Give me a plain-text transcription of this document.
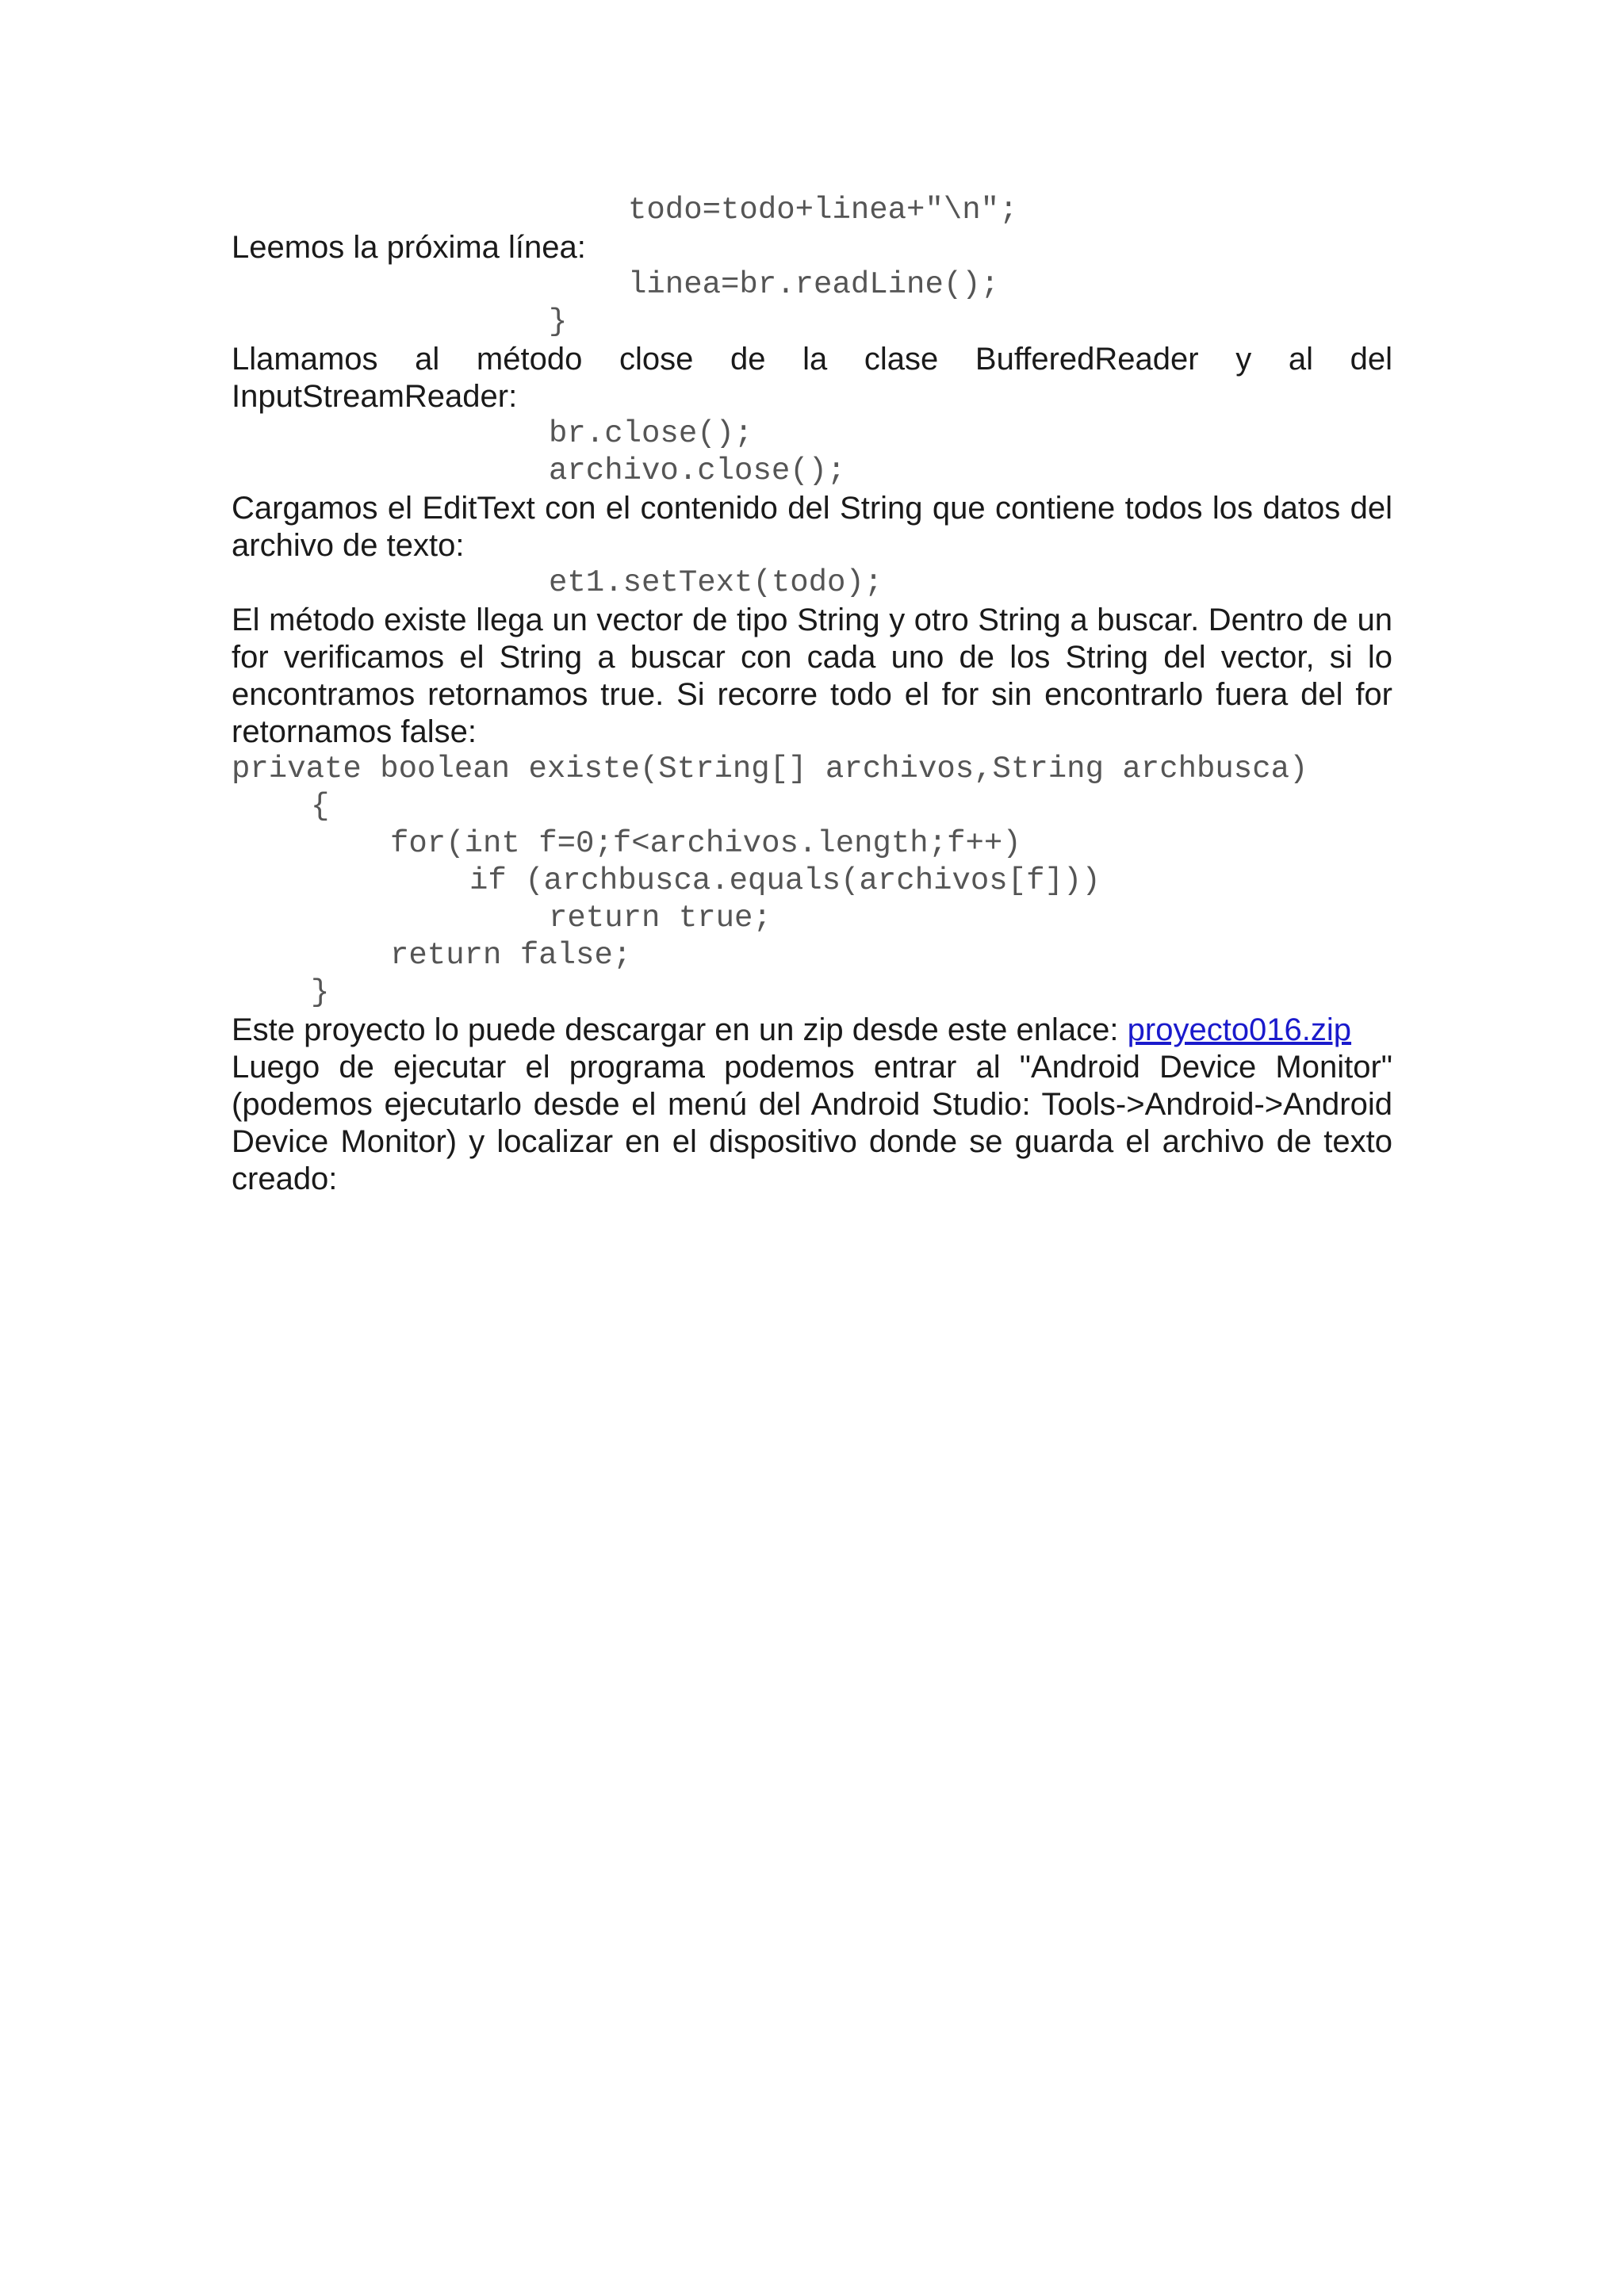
todo=todo+linea+"\n";

Leemos la próxima línea:

linea=br.readLine();

}

Llamamos al método close de la clase BufferedReader y al del InputStreamReader:

br.close();

archivo.close();

Cargamos el EditText con el contenido del String que contiene todos los datos del archivo de texto:

et1.setText(todo);

El método existe llega un vector de tipo String y otro String a buscar. Dentro de un for verificamos el String a buscar con cada uno de los String del vector, si lo encontramos retornamos true. Si recorre todo el for sin encontrarlo fuera del for retornamos false:

private boolean existe(String[] archivos,String archbusca)

{

for(int f=0;f<archivos.length;f++)

if (archbusca.equals(archivos[f]))

return true;

return false;

}

Este proyecto lo puede descargar en un zip desde este enlace: proyecto016.zip

Luego de ejecutar el programa podemos entrar al "Android Device Monitor" (podemos ejecutarlo desde el menú del Android Studio: Tools->Android->Android Device Monitor) y localizar en el dispositivo donde se guarda el archivo de texto creado:
